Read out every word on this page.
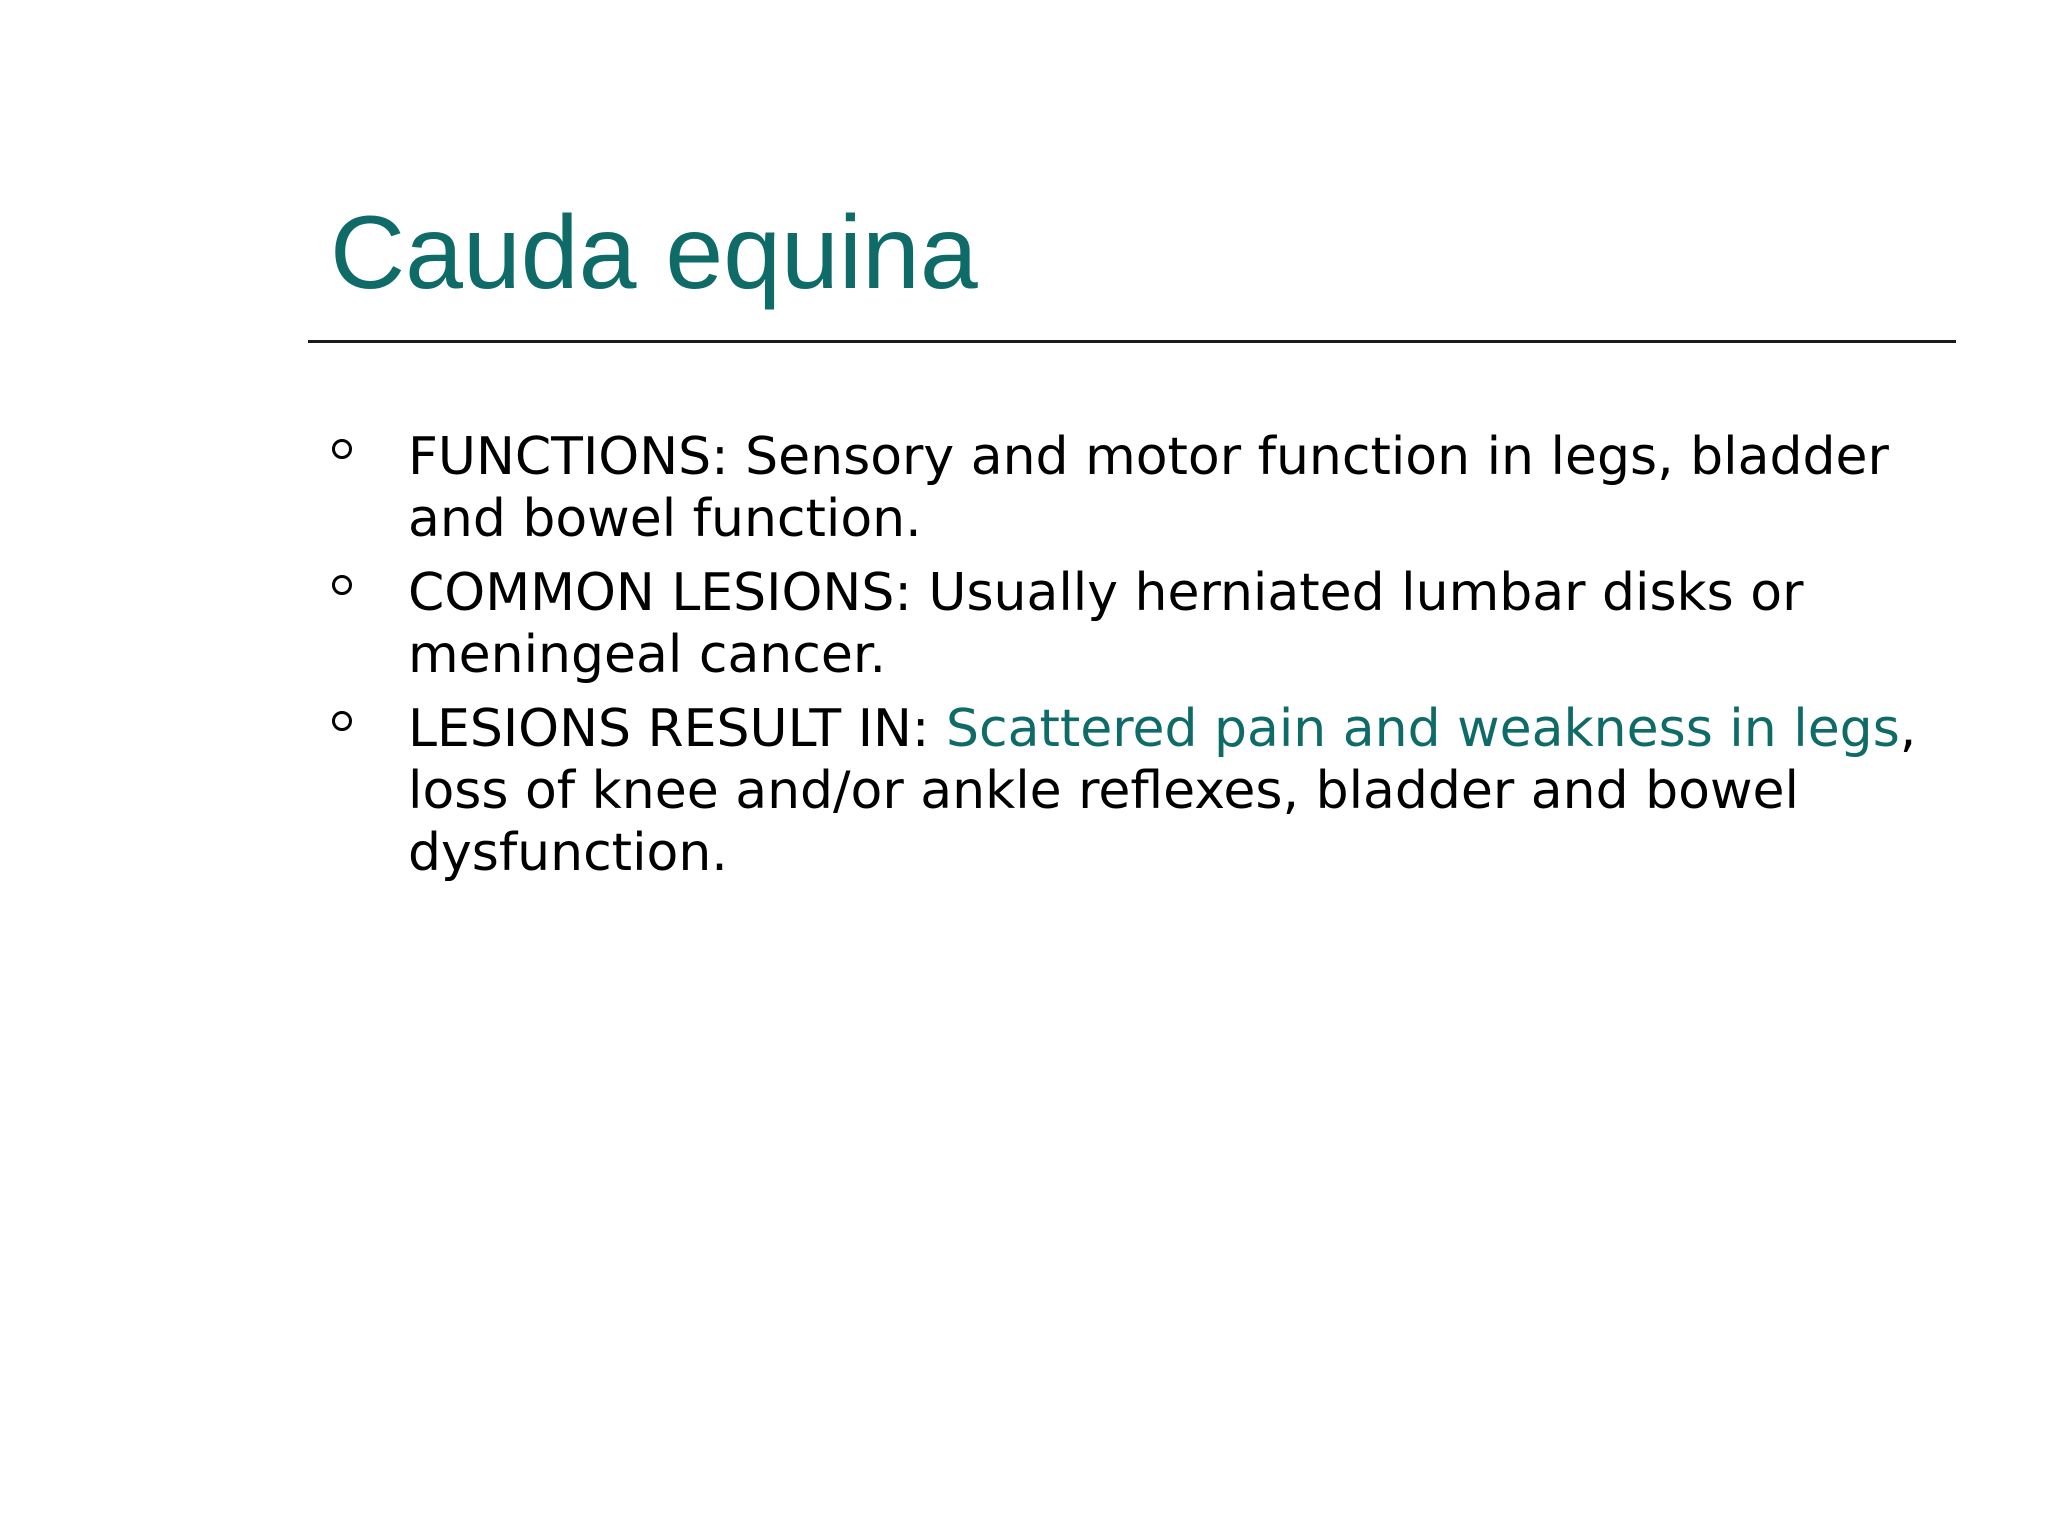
Cauda equina
FUNCTIONS: Sensory and motor function in legs, bladder and bowel function.
COMMON LESIONS: Usually herniated lumbar disks or meningeal cancer.
LESIONS RESULT IN: Scattered pain and weakness in legs, loss of knee and/or ankle reflexes, bladder and bowel dysfunction.
